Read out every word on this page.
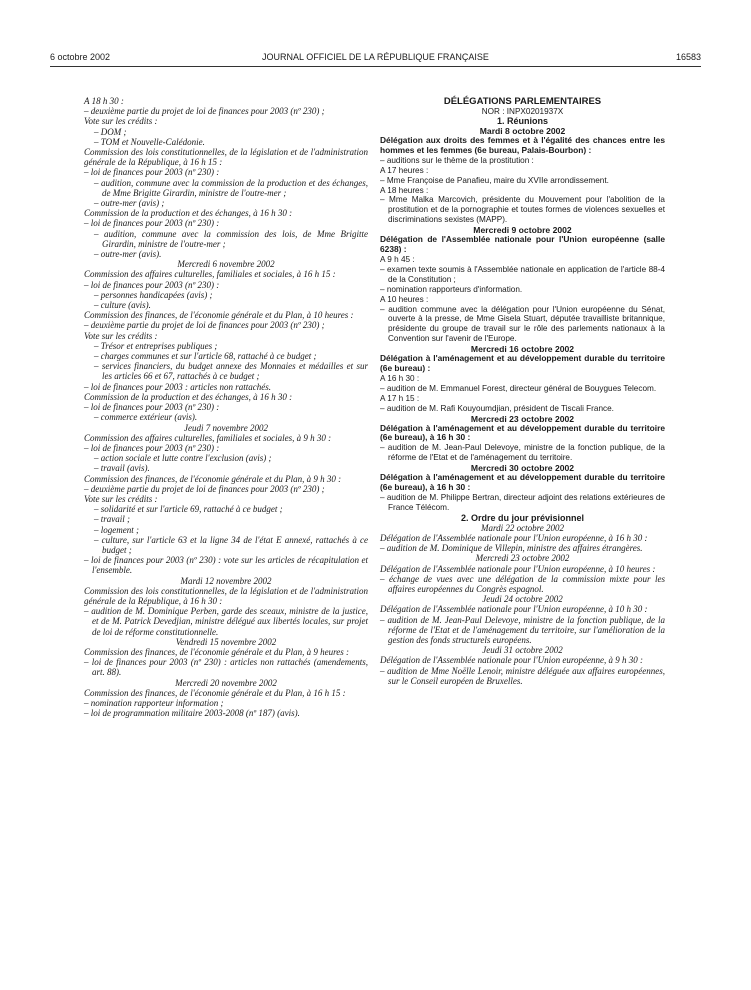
6 octobre 2002	JOURNAL OFFICIEL DE LA RÉPUBLIQUE FRANÇAISE	16583

A 18 h 30 :

– deuxième partie du projet de loi de finances pour 2003 (nº 230) ;

Vote sur les crédits :

– DOM ;

– TOM et Nouvelle-Calédonie.

Commission des lois constitutionnelles, de la législation et de l'administration générale de la République, à 16 h 15 :

– loi de finances pour 2003 (nº 230) :

– audition, commune avec la commission de la production et des échanges, de Mme Brigitte Girardin, ministre de l'outre-mer ;

– outre-mer (avis) ;

Commission de la production et des échanges, à 16 h 30 :

– loi de finances pour 2003 (nº 230) :

– audition, commune avec la commission des lois, de Mme Brigitte Girardin, ministre de l'outre-mer ;

– outre-mer (avis).

Mercredi 6 novembre 2002

Commission des affaires culturelles, familiales et sociales, à 16 h 15 :

– loi de finances pour 2003 (nº 230) :

– personnes handicapées (avis) ;

– culture (avis).

Commission des finances, de l'économie générale et du Plan, à 10 heures :

– deuxième partie du projet de loi de finances pour 2003 (nº 230) ;

Vote sur les crédits :

– Trésor et entreprises publiques ;

– charges communes et sur l'article 68, rattaché à ce budget ;

– services financiers, du budget annexe des Monnaies et médailles et sur les articles 66 et 67, rattachés à ce budget ;

– loi de finances pour 2003 : articles non rattachés.

Commission de la production et des échanges, à 16 h 30 :

– loi de finances pour 2003 (nº 230) :

– commerce extérieur (avis).

Jeudi 7 novembre 2002

Commission des affaires culturelles, familiales et sociales, à 9 h 30 :

– loi de finances pour 2003 (nº 230) :

– action sociale et lutte contre l'exclusion (avis) ;

– travail (avis).

Commission des finances, de l'économie générale et du Plan, à 9 h 30 :

– deuxième partie du projet de loi de finances pour 2003 (nº 230) ;

Vote sur les crédits :

– solidarité et sur l'article 69, rattaché à ce budget ;

– travail ;

– logement ;

– culture, sur l'article 63 et la ligne 34 de l'état E annexé, rattachés à ce budget ;

– loi de finances pour 2003 (nº 230) : vote sur les articles de récapitulation et l'ensemble.

Mardi 12 novembre 2002

Commission des lois constitutionnelles, de la législation et de l'administration générale de la République, à 16 h 30 :

– audition de M. Dominique Perben, garde des sceaux, ministre de la justice, et de M. Patrick Devedjian, ministre délégué aux libertés locales, sur projet de loi de réforme constitutionnelle.

Vendredi 15 novembre 2002

Commission des finances, de l'économie générale et du Plan, à 9 heures :

– loi de finances pour 2003 (nº 230) : articles non rattachés (amendements, art. 88).

Mercredi 20 novembre 2002

Commission des finances, de l'économie générale et du Plan, à 16 h 15 :

– nomination rapporteur information ;

– loi de programmation militaire 2003-2008 (nº 187) (avis).

DÉLÉGATIONS PARLEMENTAIRES

NOR : INPX0201937X

1. Réunions

Mardi 8 octobre 2002

Délégation aux droits des femmes et à l'égalité des chances entre les hommes et les femmes (6e bureau, Palais-Bourbon) :

– auditions sur le thème de la prostitution :

A 17 heures :

– Mme Françoise de Panafieu, maire du XVIIe arrondissement.

A 18 heures :

– Mme Malka Marcovich, présidente du Mouvement pour l'abolition de la prostitution et de la pornographie et toutes formes de violences sexuelles et discriminations sexistes (MAPP).

Mercredi 9 octobre 2002

Délégation de l'Assemblée nationale pour l'Union européenne (salle 6238) :

A 9 h 45 :

– examen texte soumis à l'Assemblée nationale en application de l'article 88-4 de la Constitution ;

– nomination rapporteurs d'information.

A 10 heures :

– audition commune avec la délégation pour l'Union européenne du Sénat, ouverte à la presse, de Mme Gisela Stuart, députée travailliste britannique, présidente du groupe de travail sur le rôle des parlements nationaux à la Convention sur l'avenir de l'Europe.

Mercredi 16 octobre 2002

Délégation à l'aménagement et au développement durable du territoire (6e bureau) :

A 16 h 30 :

– audition de M. Emmanuel Forest, directeur général de Bouygues Telecom.

A 17 h 15 :

– audition de M. Rafi Kouyoumdjian, président de Tiscali France.

Mercredi 23 octobre 2002

Délégation à l'aménagement et au développement durable du territoire (6e bureau), à 16 h 30 :

– audition de M. Jean-Paul Delevoye, ministre de la fonction publique, de la réforme de l'Etat et de l'aménagement du territoire.

Mercredi 30 octobre 2002

Délégation à l'aménagement et au développement durable du territoire (6e bureau), à 16 h 30 :

– audition de M. Philippe Bertran, directeur adjoint des relations extérieures de France Télécom.

2. Ordre du jour prévisionnel

Mardi 22 octobre 2002

Délégation de l'Assemblée nationale pour l'Union européenne, à 16 h 30 :

– audition de M. Dominique de Villepin, ministre des affaires étrangères.

Mercredi 23 octobre 2002

Délégation de l'Assemblée nationale pour l'Union européenne, à 10 heures :

– échange de vues avec une délégation de la commission mixte pour les affaires européennes du Congrès espagnol.

Jeudi 24 octobre 2002

Délégation de l'Assemblée nationale pour l'Union européenne, à 10 h 30 :

– audition de M. Jean-Paul Delevoye, ministre de la fonction publique, de la réforme de l'Etat et de l'aménagement du territoire, sur l'amélioration de la gestion des fonds structurels européens.

Jeudi 31 octobre 2002

Délégation de l'Assemblée nationale pour l'Union européenne, à 9 h 30 :

– audition de Mme Noëlle Lenoir, ministre déléguée aux affaires européennes, sur le Conseil européen de Bruxelles.
